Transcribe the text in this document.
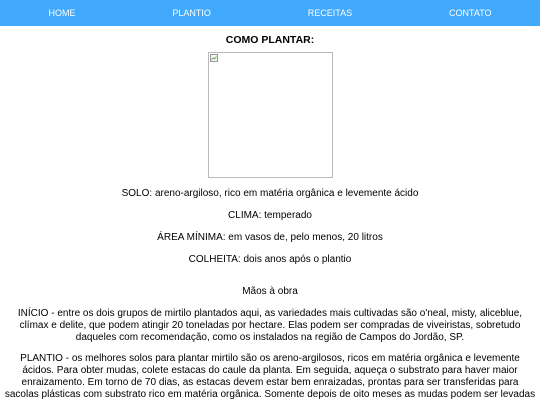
HOME	PLANTIO	RECEITAS	CONTATO
COMO PLANTAR:

SOLO: areno-argiloso, rico em matéria orgânica e levemente ácido

CLIMA: temperado

ÁREA MÍNIMA: em vasos de, pelo menos, 20 litros

COLHEITA: dois anos após o plantio

Mãos à obra

INÍCIO - entre os dois grupos de mirtilo plantados aqui, as variedades mais cultivadas são o'neal, misty, aliceblue, clímax e delite, que podem atingir 20 toneladas por hectare. Elas podem ser compradas de viveiristas, sobretudo daqueles com recomendação, como os instalados na região de Campos do Jordão, SP.

PLANTIO - os melhores solos para plantar mirtilo são os areno-argilosos, ricos em matéria orgânica e levemente ácidos. Para obter mudas, colete estacas do caule da planta. Em seguida, aqueça o substrato para haver maior enraizamento. Em torno de 70 dias, as estacas devem estar bem enraizadas, prontas para ser transferidas para sacolas plásticas com substrato rico em matéria orgânica. Somente depois de oito meses as mudas podem ser levadas
